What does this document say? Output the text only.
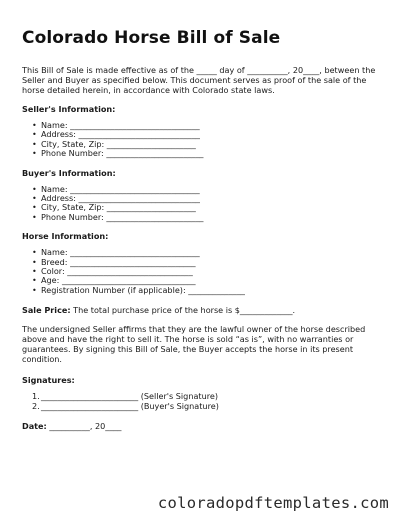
Colorado Horse Bill of Sale

This Bill of Sale is made effective as of the _____ day of __________, 20____, between the Seller and Buyer as specified below. This document serves as proof of the sale of the horse detailed herein, in accordance with Colorado state laws.

Seller's Information:
• Name: ________________________________
• Address: ______________________________
• City, State, Zip: ______________________
• Phone Number: ________________________
Buyer's Information:
• Name: ________________________________
• Address: ______________________________
• City, State, Zip: ______________________
• Phone Number: ________________________
Horse Information:
• Name: ________________________________
• Breed: _______________________________
• Color: _______________________________
• Age: _________________________________
• Registration Number (if applicable): ______________

Sale Price: The total purchase price of the horse is $_____________.

The undersigned Seller affirms that they are the lawful owner of the horse described above and have the right to sell it. The horse is sold “as is”, with no warranties or guarantees. By signing this Bill of Sale, the Buyer accepts the horse in its present condition.

Signatures:
1. ________________________ (Seller's Signature)
2. ________________________ (Buyer's Signature)

Date: __________, 20____

coloradopdftemplates.com
